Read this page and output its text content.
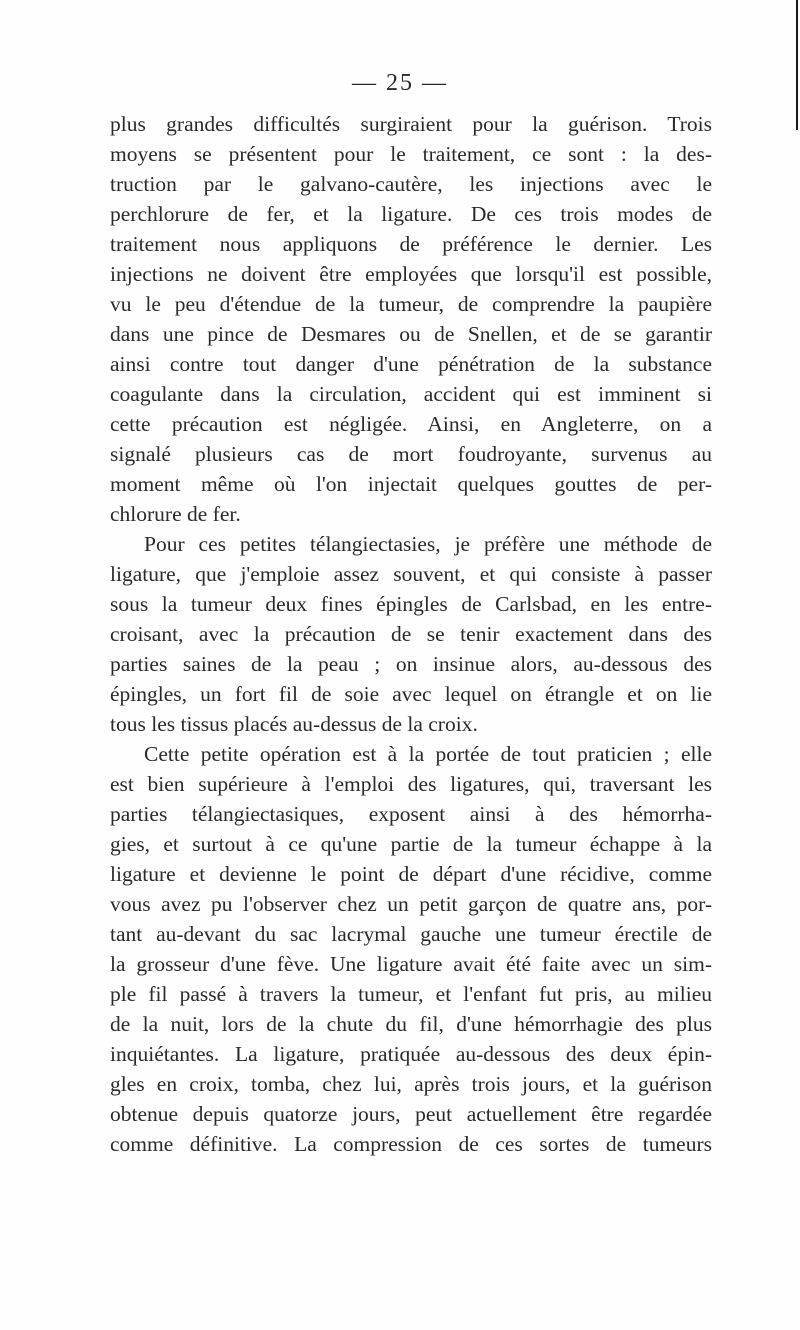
— 25 —
plus grandes difficultés surgiraient pour la guérison. Trois
moyens se présentent pour le traitement, ce sont : la des-
truction par le galvano-cautère, les injections avec le
perchlorure de fer, et la ligature. De ces trois modes de
traitement nous appliquons de préférence le dernier. Les
injections ne doivent être employées que lorsqu'il est possible,
vu le peu d'étendue de la tumeur, de comprendre la paupière
dans une pince de Desmares ou de Snellen, et de se garantir
ainsi contre tout danger d'une pénétration de la substance
coagulante dans la circulation, accident qui est imminent si
cette précaution est négligée. Ainsi, en Angleterre, on a
signalé plusieurs cas de mort foudroyante, survenus au
moment même où l'on injectait quelques gouttes de per-
chlorure de fer.
Pour ces petites télangiectasies, je préfère une méthode de
ligature, que j'emploie assez souvent, et qui consiste à passer
sous la tumeur deux fines épingles de Carlsbad, en les entre-
croisant, avec la précaution de se tenir exactement dans des
parties saines de la peau ; on insinue alors, au-dessous des
épingles, un fort fil de soie avec lequel on étrangle et on lie
tous les tissus placés au-dessus de la croix.
Cette petite opération est à la portée de tout praticien ; elle
est bien supérieure à l'emploi des ligatures, qui, traversant les
parties télangiectasiques, exposent ainsi à des hémorrha-
gies, et surtout à ce qu'une partie de la tumeur échappe à la
ligature et devienne le point de départ d'une récidive, comme
vous avez pu l'observer chez un petit garçon de quatre ans, por-
tant au-devant du sac lacrymal gauche une tumeur érectile de
la grosseur d'une fève. Une ligature avait été faite avec un sim-
ple fil passé à travers la tumeur, et l'enfant fut pris, au milieu
de la nuit, lors de la chute du fil, d'une hémorrhagie des plus
inquiétantes. La ligature, pratiquée au-dessous des deux épin-
gles en croix, tomba, chez lui, après trois jours, et la guérison
obtenue depuis quatorze jours, peut actuellement être regardée
comme définitive. La compression de ces sortes de tumeurs
